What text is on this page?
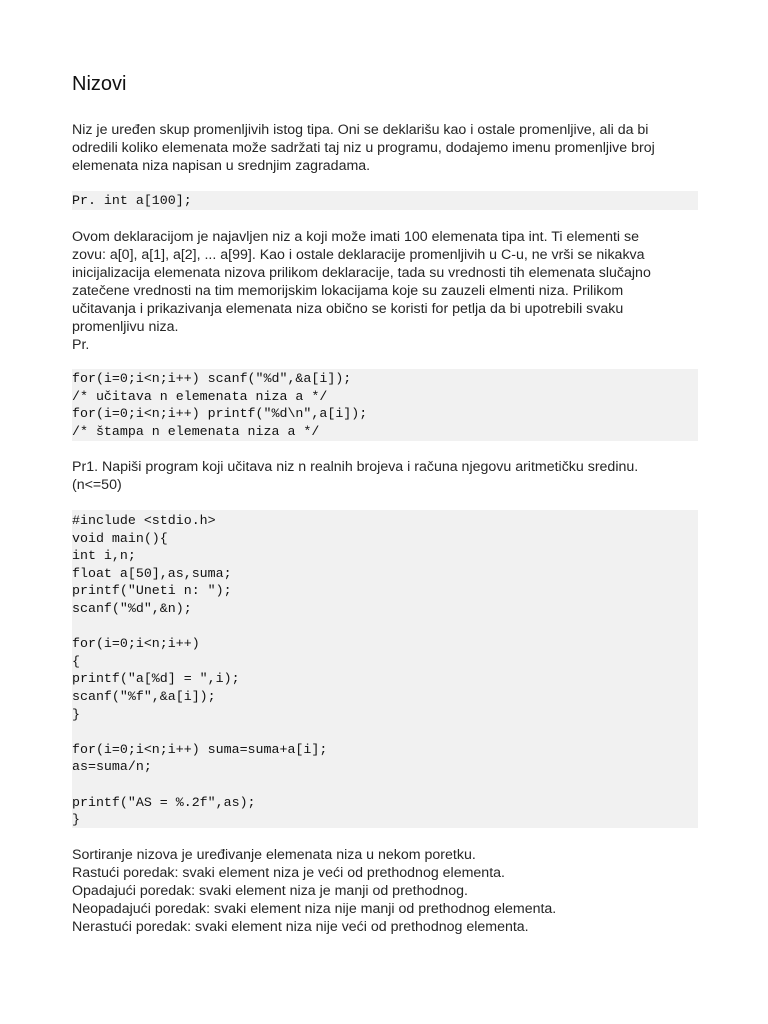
Nizovi

Niz je uređen skup promenljivih istog tipa. Oni se deklarišu kao i ostale promenljive, ali da bi
odredili koliko elemenata može sadržati taj niz u programu, dodajemo imenu promenljive broj
elemenata niza napisan u srednjim zagradama.

Pr. int a[100];

Ovom deklaracijom je najavljen niz a koji može imati 100 elemenata tipa int. Ti elementi se
zovu: a[0], a[1], a[2], ... a[99]. Kao i ostale deklaracije promenljivih u C-u, ne vrši se nikakva
inicijalizacija elemenata nizova prilikom deklaracije, tada su vrednosti tih elemenata slučajno
zatečene vrednosti na tim memorijskim lokacijama koje su zauzeli elmenti niza. Prilikom
učitavanja i prikazivanja elemenata niza obično se koristi for petlja da bi upotrebili svaku
promenljivu niza.
Pr.

for(i=0;i<n;i++) scanf("%d",&a[i]);
/* učitava n elemenata niza a */
for(i=0;i<n;i++) printf("%d\n",a[i]);
/* štampa n elemenata niza a */

Pr1. Napiši program koji učitava niz n realnih brojeva i računa njegovu aritmetičku sredinu.
(n<=50)

#include <stdio.h>
void main(){
int i,n;
float a[50],as,suma;
printf("Uneti n: ");
scanf("%d",&n);
for(i=0;i<n;i++)
{
printf("a[%d] = ",i);
scanf("%f",&a[i]);
}
for(i=0;i<n;i++) suma=suma+a[i];
as=suma/n;
printf("AS = %.2f",as);
}

Sortiranje nizova je uređivanje elemenata niza u nekom poretku.
Rastući poredak: svaki element niza je veći od prethodnog elementa.
Opadajući poredak: svaki element niza je manji od prethodnog.
Neopadajući poredak: svaki element niza nije manji od prethodnog elementa.
Nerastući poredak: svaki element niza nije veći od prethodnog elementa.
